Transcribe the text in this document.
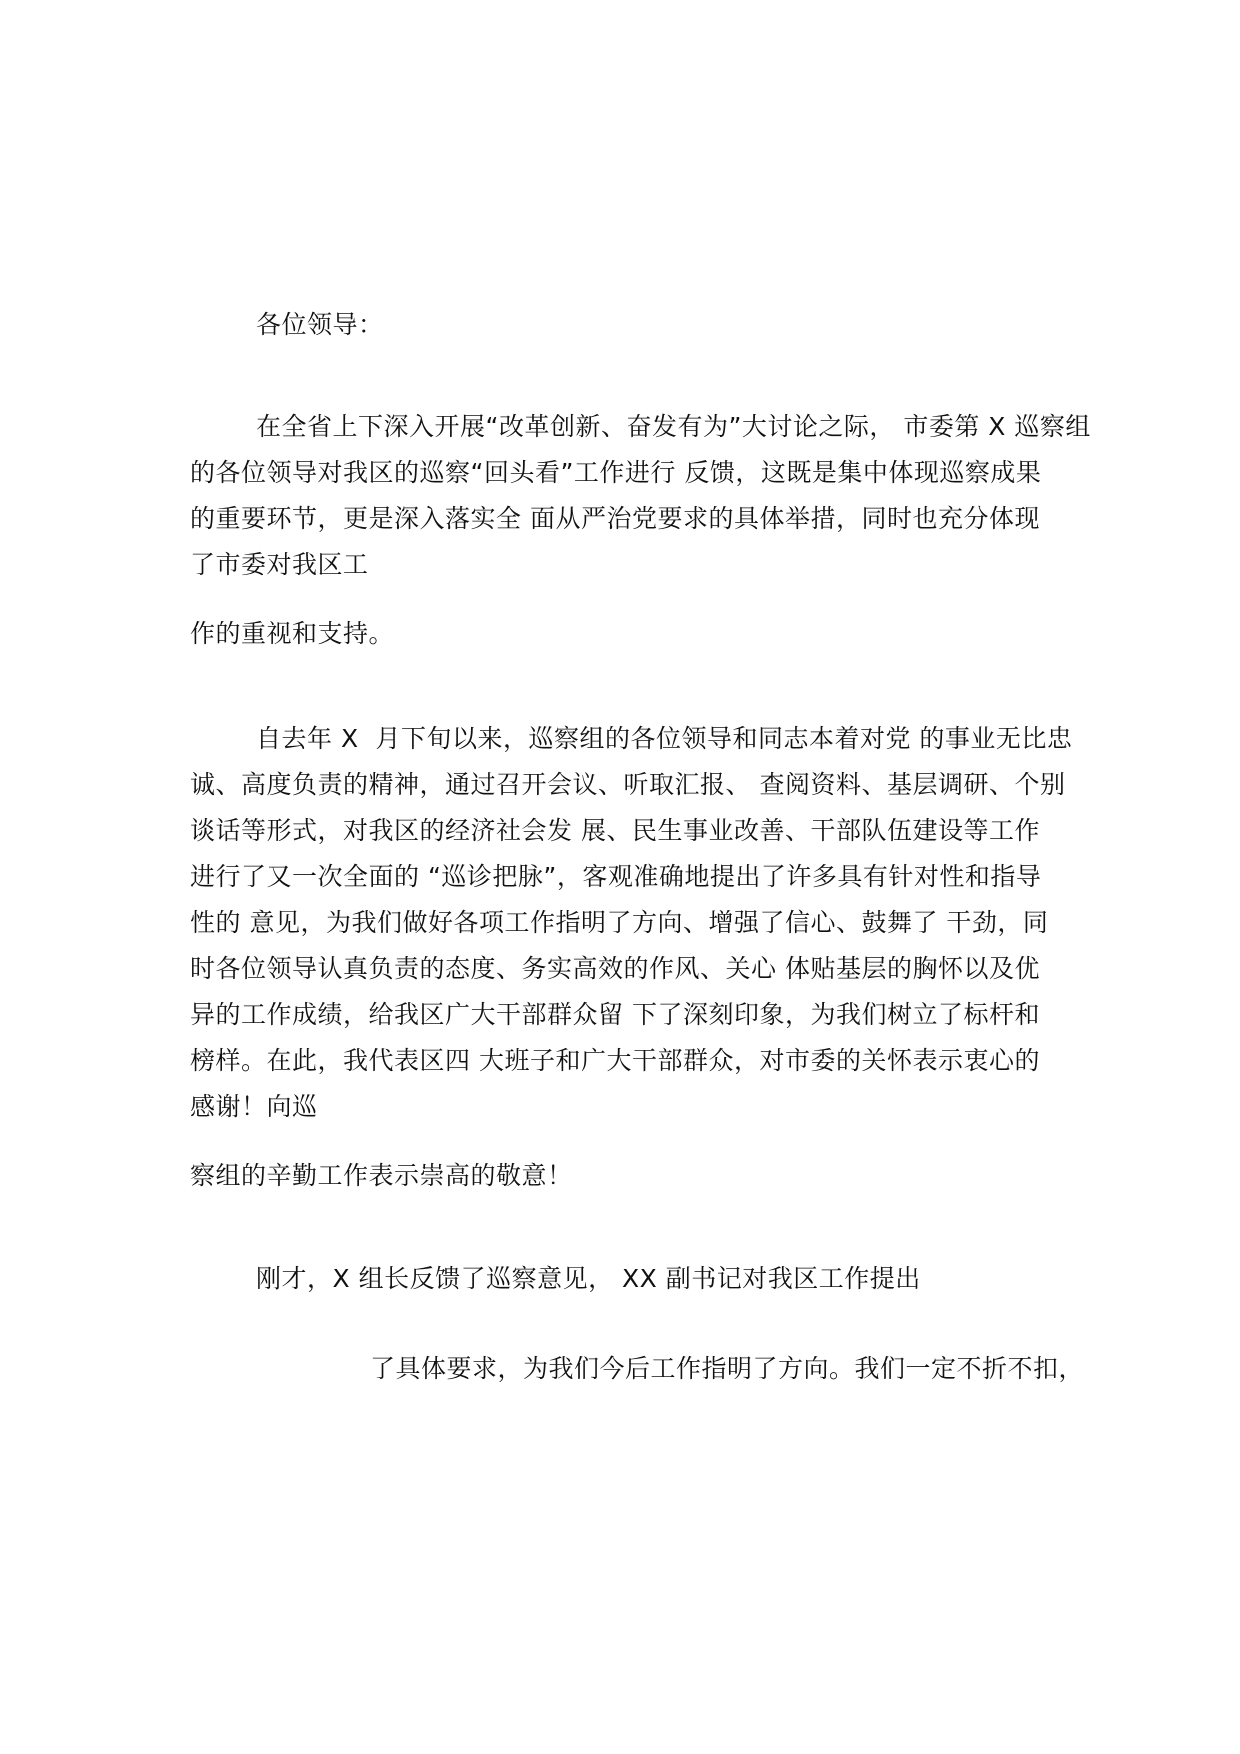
各位领导：
在全省上下深入开展“改革创新、奋发有为”大讨论之际， 市委第 X 巡察组
的各位领导对我区的巡察“回头看”工作进行 反馈，这既是集中体现巡察成果
的重要环节，更是深入落实全 面从严治党要求的具体举措，同时也充分体现
了市委对我区工
作的重视和支持。
自去年 X  月下旬以来，巡察组的各位领导和同志本着对党 的事业无比忠
诚、高度负责的精神，通过召开会议、听取汇报、 查阅资料、基层调研、个别
谈话等形式，对我区的经济社会发 展、民生事业改善、干部队伍建设等工作
进行了又一次全面的 “巡诊把脉”，客观准确地提出了许多具有针对性和指导
性的 意见，为我们做好各项工作指明了方向、增强了信心、鼓舞了 干劲，同
时各位领导认真负责的态度、务实高效的作风、关心 体贴基层的胸怀以及优
异的工作成绩，给我区广大干部群众留 下了深刻印象，为我们树立了标杆和
榜样。在此，我代表区四 大班子和广大干部群众，对市委的关怀表示衷心的
感谢！向巡
察组的辛勤工作表示崇高的敬意！
刚才，X 组长反馈了巡察意见， XX 副书记对我区工作提出
了具体要求，为我们今后工作指明了方向。我们一定不折不扣，
